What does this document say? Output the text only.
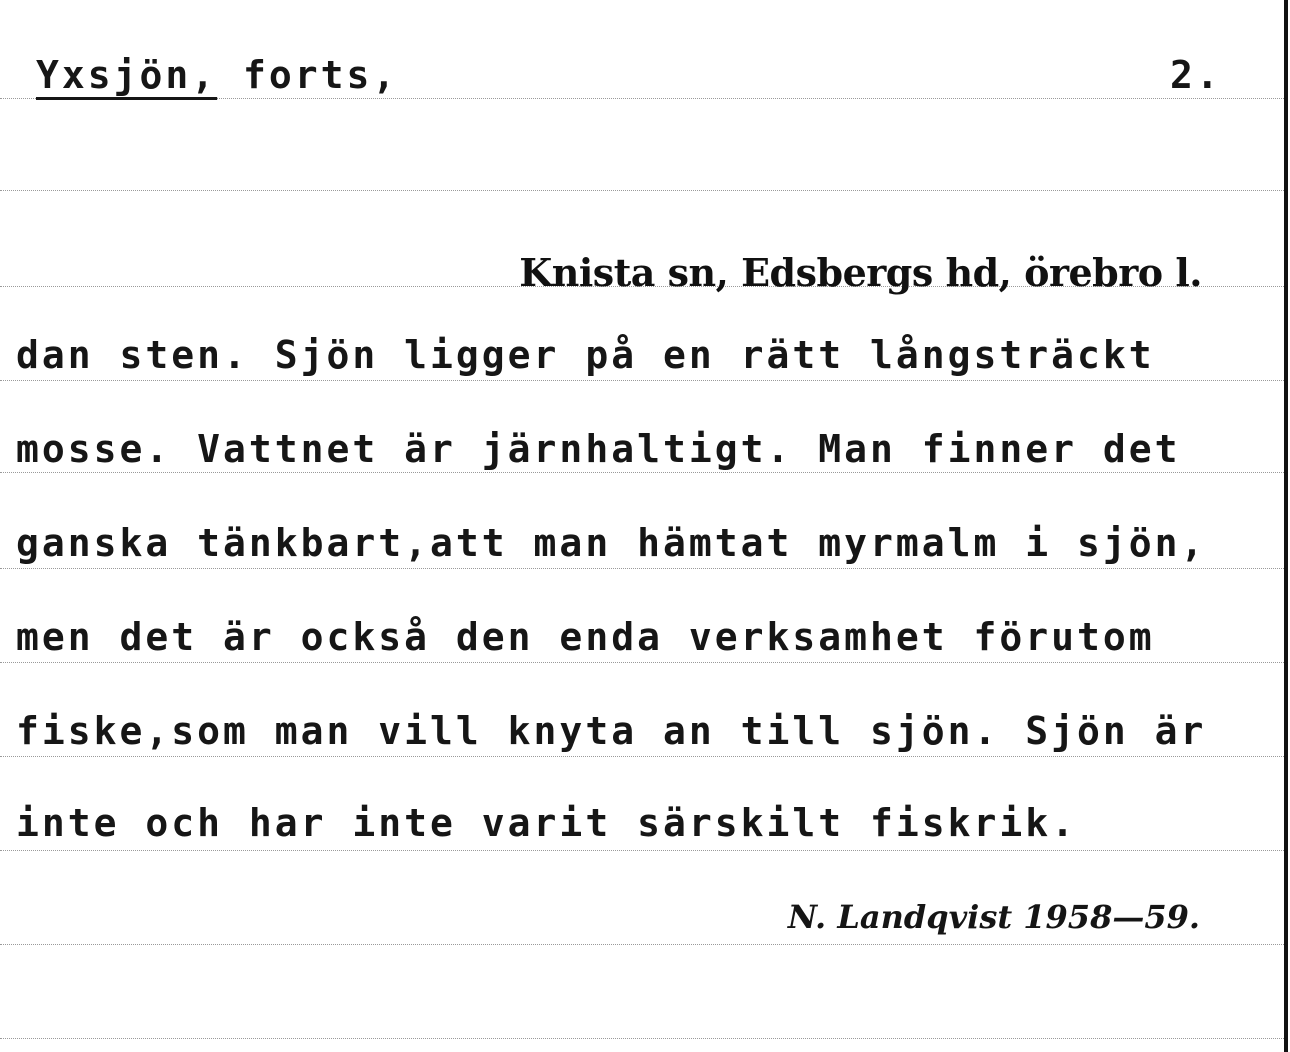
Yxsjön, forts,	2.
Knista sn, Edsbergs hd, örebro l.
dan sten. Sjön ligger på en rätt långsträckt
mosse. Vattnet är järnhaltigt. Man finner det
ganska tänkbart,att man hämtat myrmalm i sjön,
men det är också den enda verksamhet förutom
fiske,som man vill knyta an till sjön. Sjön är
inte och har inte varit särskilt fiskrik.
N. Landqvist 1958—59.
